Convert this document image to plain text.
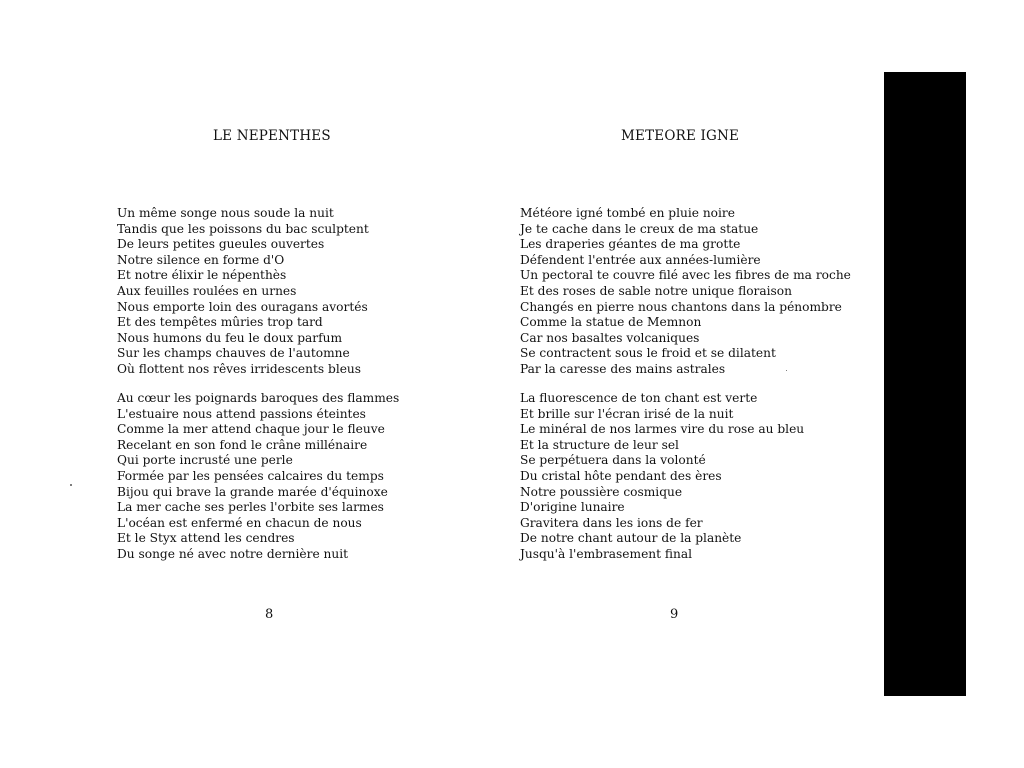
LE NEPENTHES
Un même songe nous soude la nuit
Tandis que les poissons du bac sculptent
De leurs petites gueules ouvertes
Notre silence en forme d'O
Et notre élixir le népenthès
Aux feuilles roulées en urnes
Nous emporte loin des ouragans avortés
Et des tempêtes mûries trop tard
Nous humons du feu le doux parfum
Sur les champs chauves de l'automne
Où flottent nos rêves irridescents bleus
Au cœur les poignards baroques des flammes
L'estuaire nous attend passions éteintes
Comme la mer attend chaque jour le fleuve
Recelant en son fond le crâne millénaire
Qui porte incrusté une perle
Formée par les pensées calcaires du temps
Bijou qui brave la grande marée d'équinoxe
La mer cache ses perles l'orbite ses larmes
L'océan est enfermé en chacun de nous
Et le Styx attend les cendres
Du songe né avec notre dernière nuit
8
METEORE IGNE
Météore igné tombé en pluie noire
Je te cache dans le creux de ma statue
Les draperies géantes de ma grotte
Défendent l'entrée aux années-lumière
Un pectoral te couvre filé avec les fibres de ma roche
Et des roses de sable notre unique floraison
Changés en pierre nous chantons dans la pénombre
Comme la statue de Memnon
Car nos basaltes volcaniques
Se contractent sous le froid et se dilatent
Par la caresse des mains astrales
La fluorescence de ton chant est verte
Et brille sur l'écran irisé de la nuit
Le minéral de nos larmes vire du rose au bleu
Et la structure de leur sel
Se perpétuera dans la volonté
Du cristal hôte pendant des ères
Notre poussière cosmique
D'origine lunaire
Gravitera dans les ions de fer
De notre chant autour de la planète
Jusqu'à l'embrasement final
9
